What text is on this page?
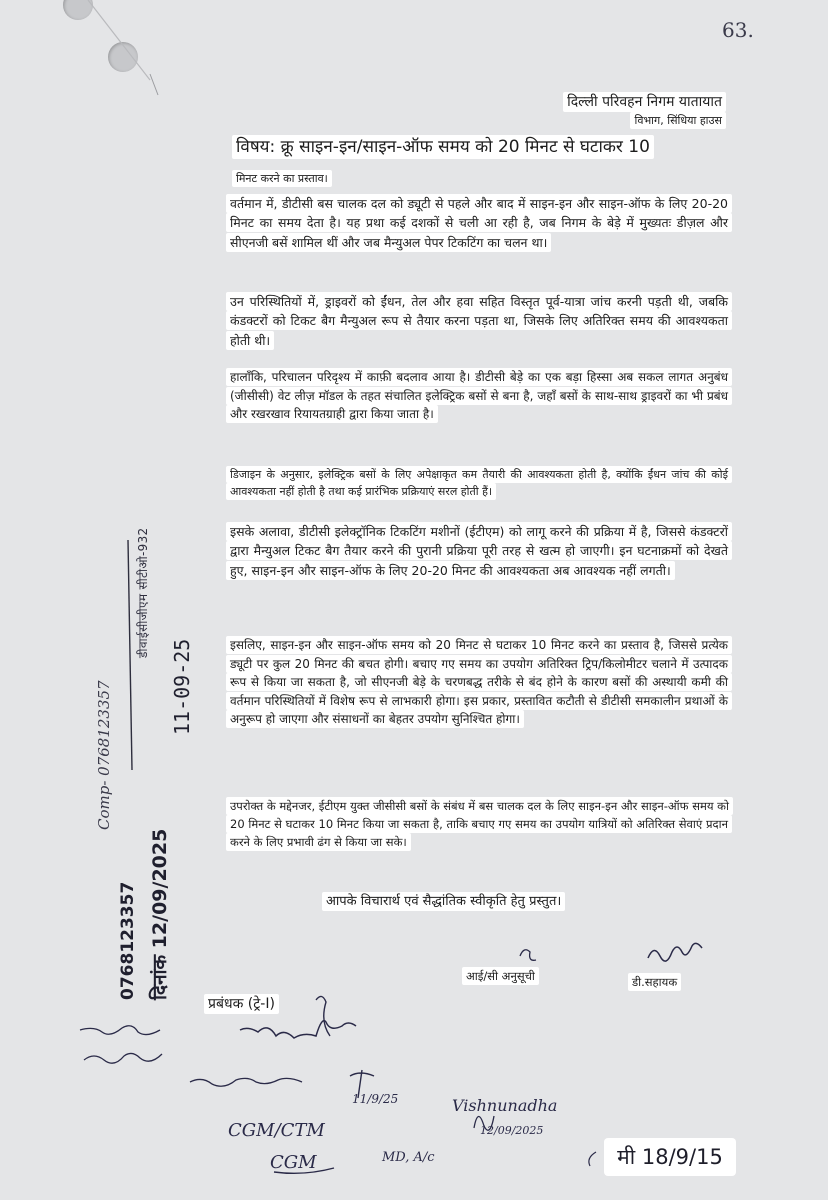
63.
दिल्ली परिवहन निगम यातायात
विभाग, सिंधिया हाउस
विषय: क्रू साइन-इन/साइन-ऑफ समय को 20 मिनट से घटाकर 10
मिनट करने का प्रस्ताव।
वर्तमान में, डीटीसी बस चालक दल को ड्यूटी से पहले और बाद में साइन-इन और साइन-ऑफ के लिए 20-20 मिनट का समय देता है। यह प्रथा कई दशकों से चली आ रही है, जब निगम के बेड़े में मुख्यतः डीज़ल और सीएनजी बसें शामिल थीं और जब मैन्युअल पेपर टिकटिंग का चलन था।
उन परिस्थितियों में, ड्राइवरों को ईंधन, तेल और हवा सहित विस्तृत पूर्व-यात्रा जांच करनी पड़ती थी, जबकि कंडक्टरों को टिकट बैग मैन्युअल रूप से तैयार करना पड़ता था, जिसके लिए अतिरिक्त समय की आवश्यकता होती थी।
हालाँकि, परिचालन परिदृश्य में काफ़ी बदलाव आया है। डीटीसी बेड़े का एक बड़ा हिस्सा अब सकल लागत अनुबंध (जीसीसी) वेट लीज़ मॉडल के तहत संचालित इलेक्ट्रिक बसों से बना है, जहाँ बसों के साथ-साथ ड्राइवरों का भी प्रबंध और रखरखाव रियायतग्राही द्वारा किया जाता है।
डिजाइन के अनुसार, इलेक्ट्रिक बसों के लिए अपेक्षाकृत कम तैयारी की आवश्यकता होती है, क्योंकि ईंधन जांच की कोई आवश्यकता नहीं होती है तथा कई प्रारंभिक प्रक्रियाएं सरल होती हैं।
इसके अलावा, डीटीसी इलेक्ट्रॉनिक टिकटिंग मशीनों (ईटीएम) को लागू करने की प्रक्रिया में है, जिससे कंडक्टरों द्वारा मैन्युअल टिकट बैग तैयार करने की पुरानी प्रक्रिया पूरी तरह से खत्म हो जाएगी। इन घटनाक्रमों को देखते हुए, साइन-इन और साइन-ऑफ के लिए 20-20 मिनट की आवश्यकता अब आवश्यक नहीं लगती।
इसलिए, साइन-इन और साइन-ऑफ समय को 20 मिनट से घटाकर 10 मिनट करने का प्रस्ताव है, जिससे प्रत्येक ड्यूटी पर कुल 20 मिनट की बचत होगी। बचाए गए समय का उपयोग अतिरिक्त ट्रिप/किलोमीटर चलाने में उत्पादक रूप से किया जा सकता है, जो सीएनजी बेड़े के चरणबद्ध तरीके से बंद होने के कारण बसों की अस्थायी कमी की वर्तमान परिस्थितियों में विशेष रूप से लाभकारी होगा। इस प्रकार, प्रस्तावित कटौती से डीटीसी समकालीन प्रथाओं के अनुरूप हो जाएगा और संसाधनों का बेहतर उपयोग सुनिश्चित होगा।
उपरोक्त के मद्देनजर, ईटीएम युक्त जीसीसी बसों के संबंध में बस चालक दल के लिए साइन-इन और साइन-ऑफ समय को 20 मिनट से घटाकर 10 मिनट किया जा सकता है, ताकि बचाए गए समय का उपयोग यात्रियों को अतिरिक्त सेवाएं प्रदान करने के लिए प्रभावी ढंग से किया जा सके।
आपके विचारार्थ एवं सैद्धांतिक स्वीकृति हेतु प्रस्तुत।
आई/सी अनुसूची	डी.सहायक
प्रबंधक (ट्रे-I)
डीवाईसीजीएम सीटीओ-932
11-09-25
Comp- 0768123357
0768123357 दिनांक 12/09/2025
CGM/CTM
CGM	MD, A/c
11/9/25	Vishnunadha
12/09/2025
मी 18/9/15
